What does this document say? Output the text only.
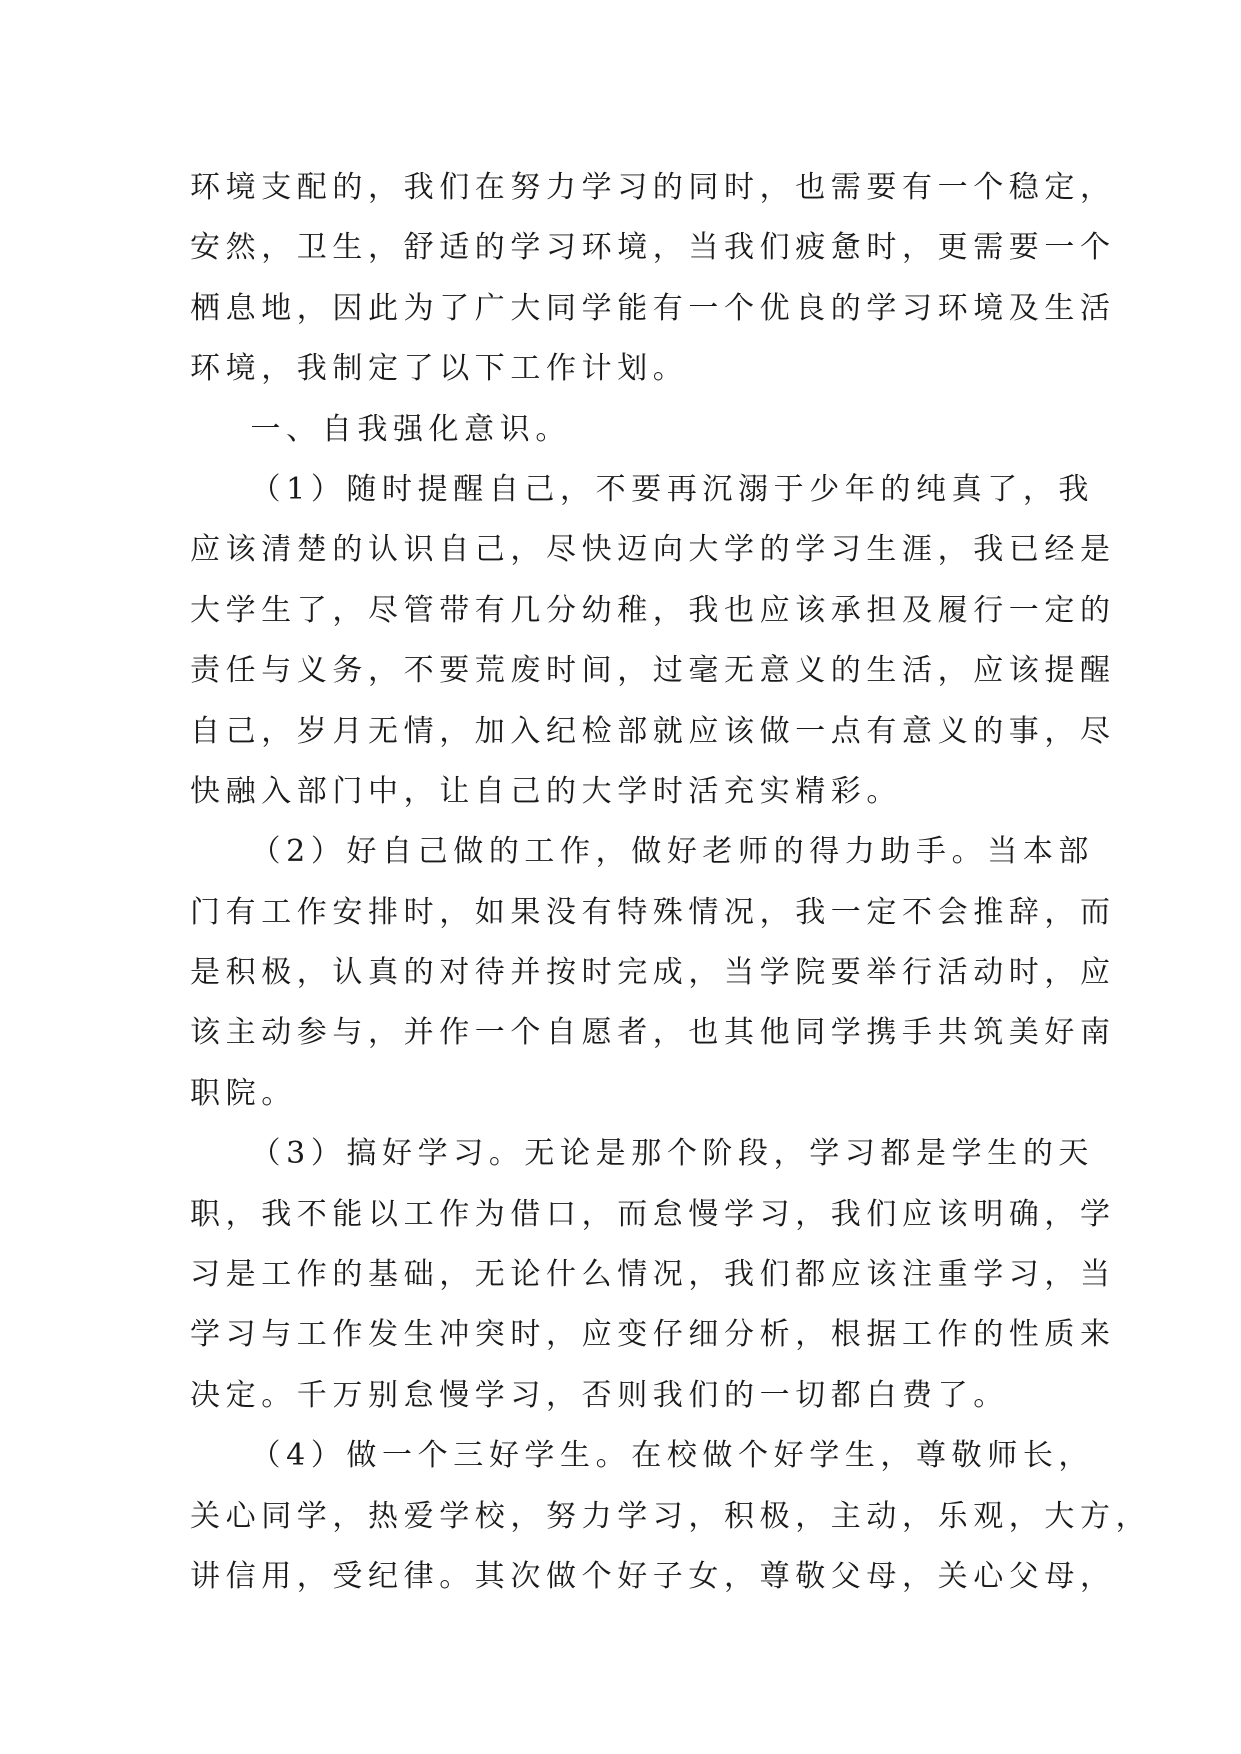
环境支配的，我们在努力学习的同时，也需要有一个稳定，
安然，卫生，舒适的学习环境，当我们疲惫时，更需要一个
栖息地，因此为了广大同学能有一个优良的学习环境及生活
环境，我制定了以下工作计划。
一、自我强化意识。
（1）随时提醒自己，不要再沉溺于少年的纯真了，我
应该清楚的认识自己，尽快迈向大学的学习生涯，我已经是
大学生了，尽管带有几分幼稚，我也应该承担及履行一定的
责任与义务，不要荒废时间，过毫无意义的生活，应该提醒
自己，岁月无情，加入纪检部就应该做一点有意义的事，尽
快融入部门中，让自己的大学时活充实精彩。
（2）好自己做的工作，做好老师的得力助手。当本部
门有工作安排时，如果没有特殊情况，我一定不会推辞，而
是积极，认真的对待并按时完成，当学院要举行活动时，应
该主动参与，并作一个自愿者，也其他同学携手共筑美好南
职院。
（3）搞好学习。无论是那个阶段，学习都是学生的天
职，我不能以工作为借口，而怠慢学习，我们应该明确，学
习是工作的基础，无论什么情况，我们都应该注重学习，当
学习与工作发生冲突时，应变仔细分析，根据工作的性质来
决定。千万别怠慢学习，否则我们的一切都白费了。
（4）做一个三好学生。在校做个好学生，尊敬师长，
关心同学，热爱学校，努力学习，积极，主动，乐观，大方，
讲信用，受纪律。其次做个好子女，尊敬父母，关心父母，
